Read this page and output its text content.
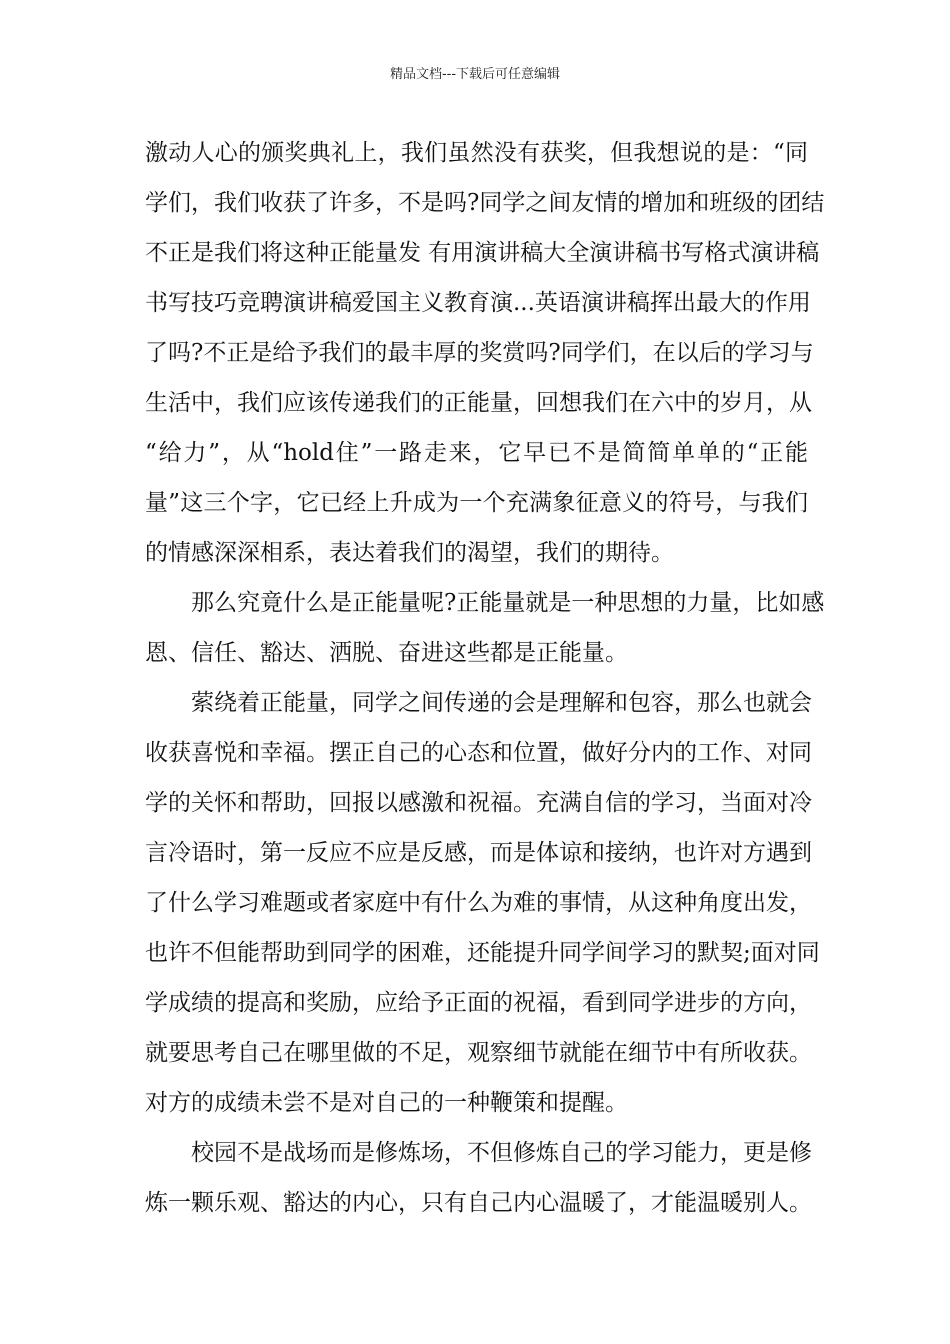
精品文档---下载后可任意编辑
激动人心的颁奖典礼上，我们虽然没有获奖，但我想说的是：“同
学们，我们收获了许多，不是吗?同学之间友情的增加和班级的团结
不正是我们将这种正能量发 有用演讲稿大全演讲稿书写格式演讲稿
书写技巧竞聘演讲稿爱国主义教育演...英语演讲稿挥出最大的作用
了吗?不正是给予我们的最丰厚的奖赏吗?同学们，在以后的学习与
生活中，我们应该传递我们的正能量，回想我们在六中的岁月，从
“给力”，从“hold住”一路走来，它早已不是简简单单的“正能
量”这三个字，它已经上升成为一个充满象征意义的符号，与我们
的情感深深相系，表达着我们的渴望，我们的期待。
那么究竟什么是正能量呢?正能量就是一种思想的力量，比如感
恩、信任、豁达、洒脱、奋进这些都是正能量。
萦绕着正能量，同学之间传递的会是理解和包容，那么也就会
收获喜悦和幸福。摆正自己的心态和位置，做好分内的工作、对同
学的关怀和帮助，回报以感激和祝福。充满自信的学习，当面对冷
言冷语时，第一反应不应是反感，而是体谅和接纳，也许对方遇到
了什么学习难题或者家庭中有什么为难的事情，从这种角度出发，
也许不但能帮助到同学的困难，还能提升同学间学习的默契;面对同
学成绩的提高和奖励，应给予正面的祝福，看到同学进步的方向，
就要思考自己在哪里做的不足，观察细节就能在细节中有所收获。
对方的成绩未尝不是对自己的一种鞭策和提醒。
校园不是战场而是修炼场，不但修炼自己的学习能力，更是修
炼一颗乐观、豁达的内心，只有自己内心温暖了，才能温暖别人。
